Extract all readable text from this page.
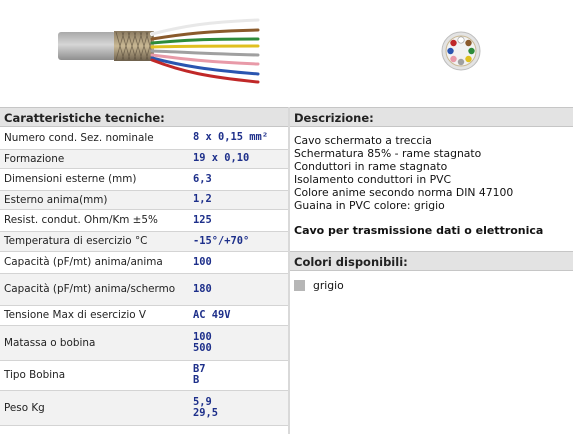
Caratteristiche tecniche:
Numero cond. Sez. nominale	8 x 0,15 mm²
Formazione	19 x 0,10
Dimensioni esterne (mm)	6,3
Esterno anima(mm)	1,2
Resist. condut. Ohm/Km ±5%	125
Temperatura di esercizio °C	-15°/+70°
Capacità (pF/mt) anima/anima	100
Capacità (pF/mt) anima/schermo	180
Tensione Max di esercizio V	AC 49V
Matassa o bobina	100
500
Tipo Bobina	B7
B
Peso Kg	5,9
29,5
Descrizione:
Cavo schermato a treccia
Schermatura 85% - rame stagnato
Conduttori in rame stagnato
Isolamento conduttori in PVC
Colore anime secondo norma DIN 47100
Guaina in PVC colore: grigio
Cavo per trasmissione dati o elettronica
Colori disponibili:
grigio
